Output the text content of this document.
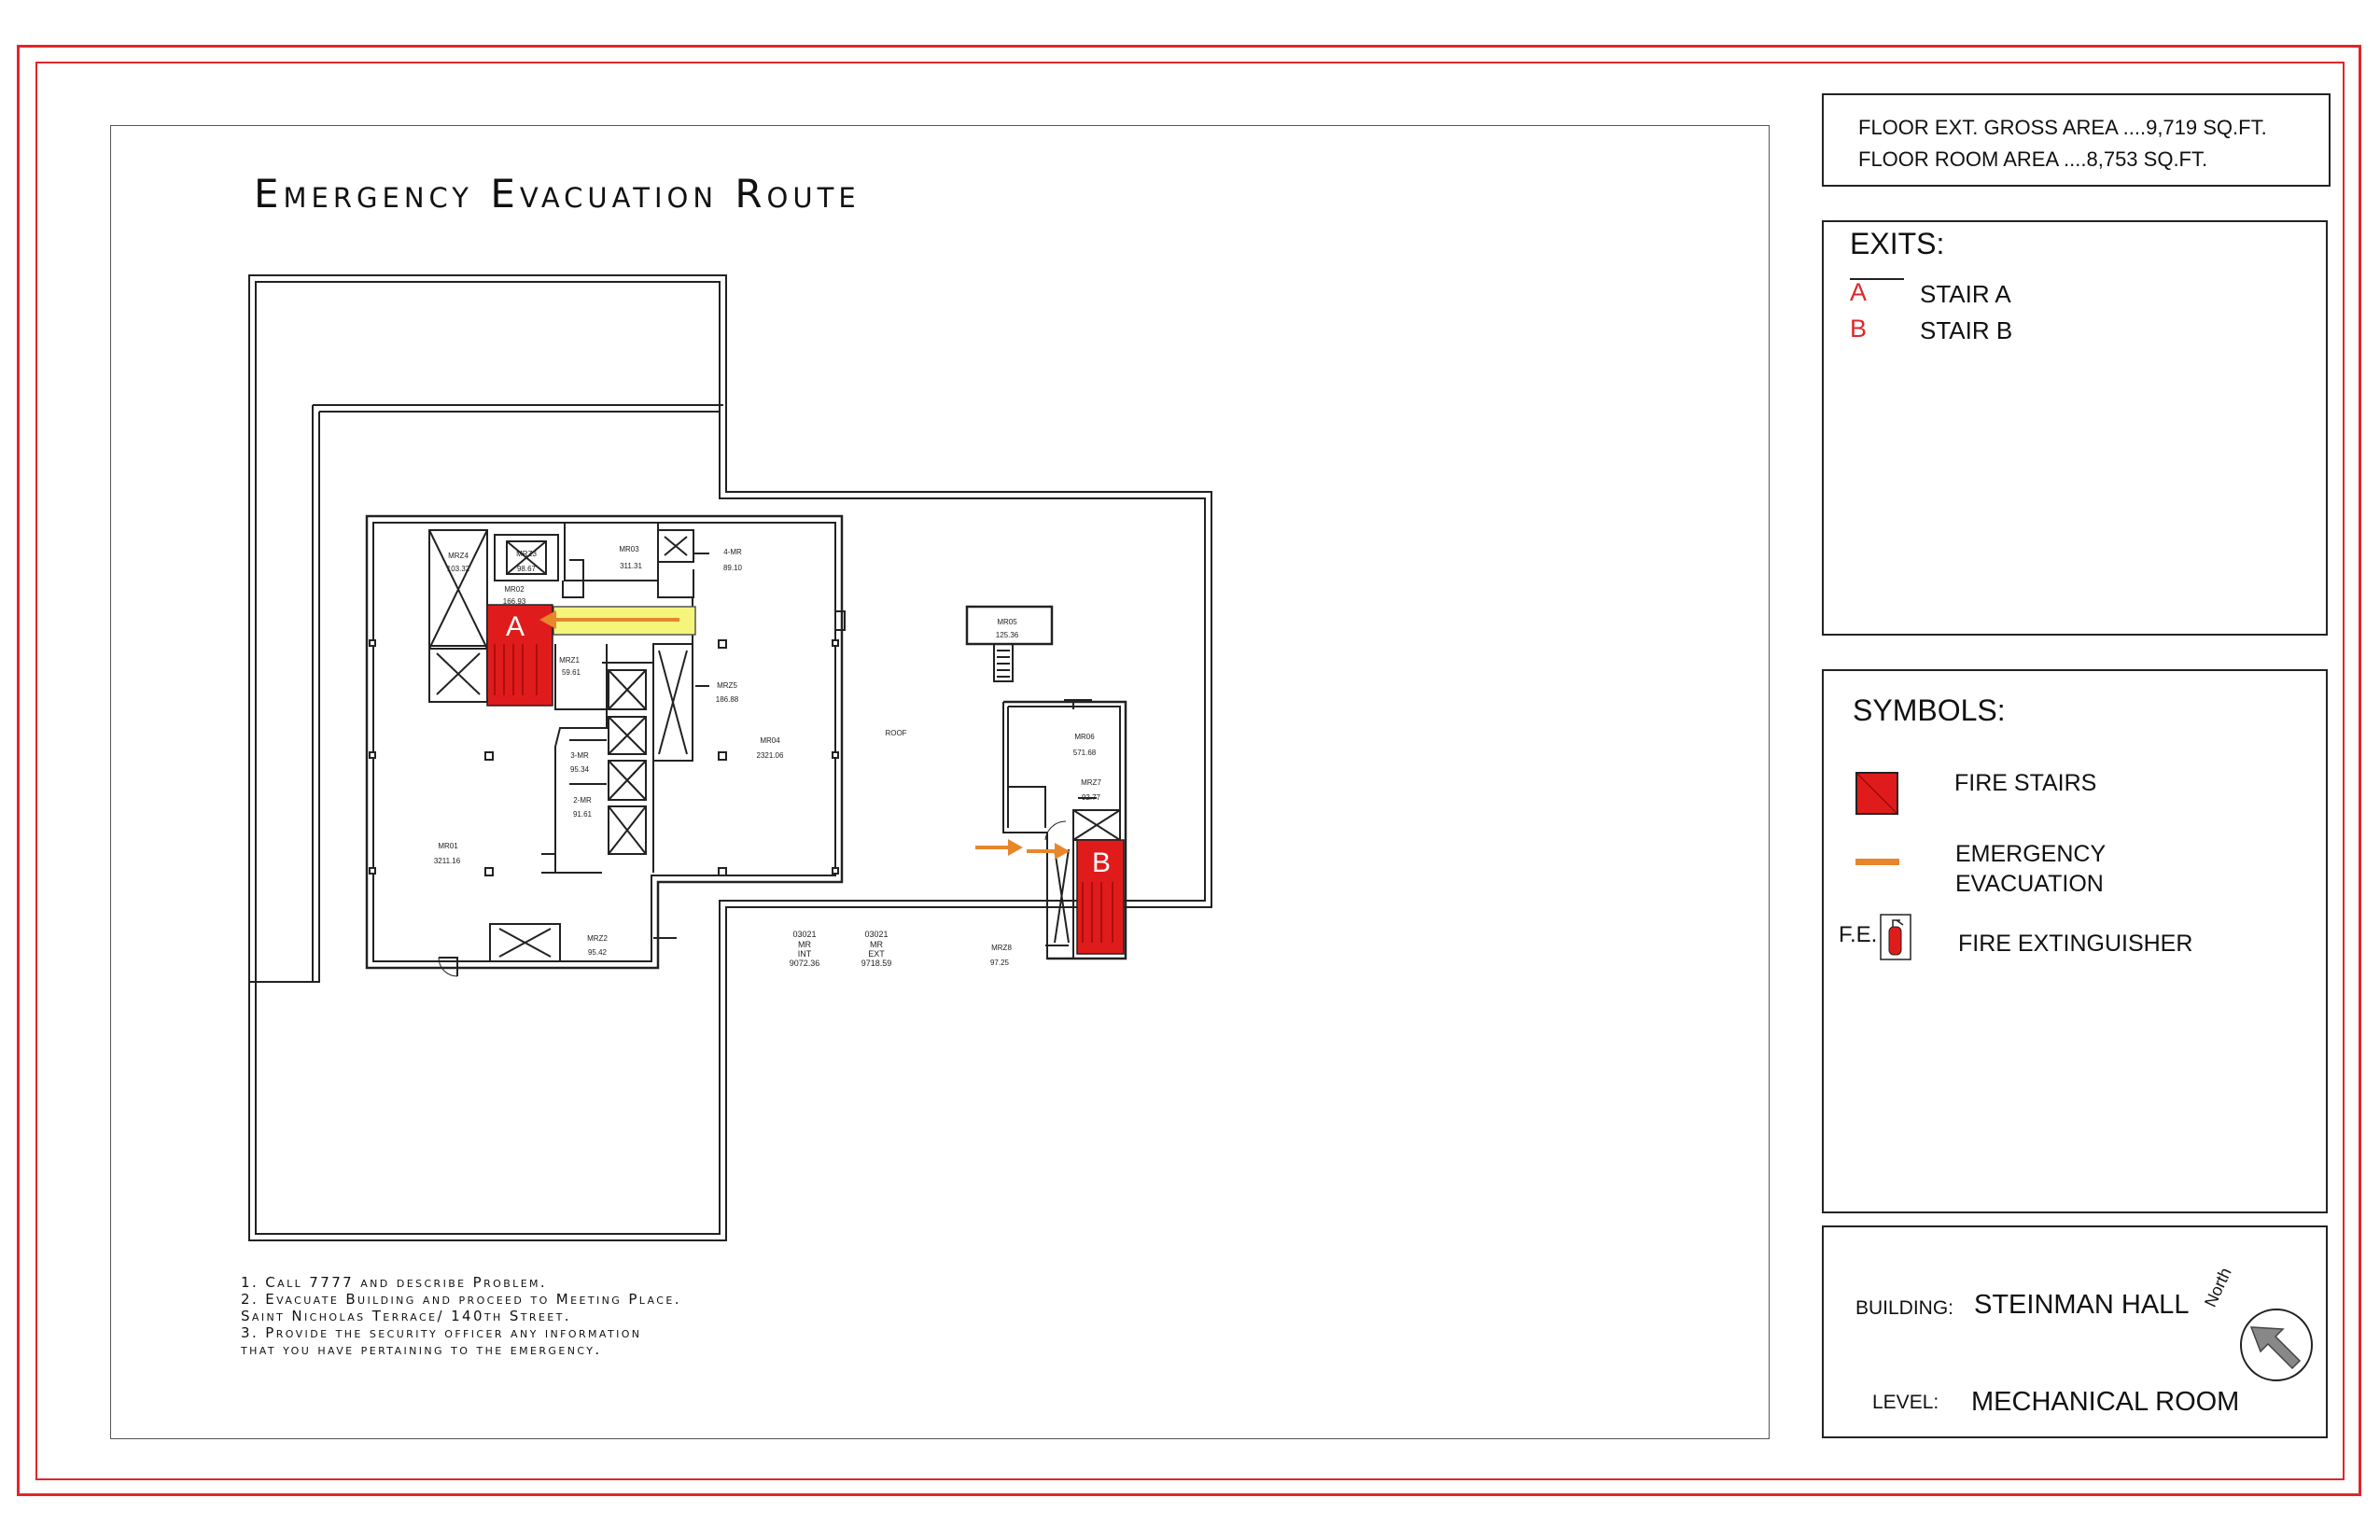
Emergency Evacuation Route
A
B
MRZ4
103.32
MRZ3
98.67
MR02
166.93
MR03
311.31
4-MR
89.10
MRZ1
59.61
MRZ5
186.88
MR04
2321.06
3-MR
95.34
2-MR
91.61
MR01
3211.16
MRZ2
95.42
MR05
125.36
MR06
571.68
MRZ7
92.77
MRZ8
97.25
ROOF
03021
MR
INT
9072.36
03021
MR
EXT
9718.59
1. Call 7777 and describe Problem.
2. Evacuate Building and proceed to Meeting Place.
Saint Nicholas Terrace/ 140th Street.
3. Provide the security officer any information
that you have pertaining to the emergency.
FLOOR EXT. GROSS AREA ....9,719 SQ.FT.
FLOOR ROOM AREA ....8,753 SQ.FT.
EXITS:
A STAIR A
B STAIR B
SYMBOLS:
FIRE STAIRS
EMERGENCY
EVACUATION
F.E.	FIRE EXTINGUISHER
BUILDING: STEINMAN HALL
LEVEL: MECHANICAL ROOM
North
